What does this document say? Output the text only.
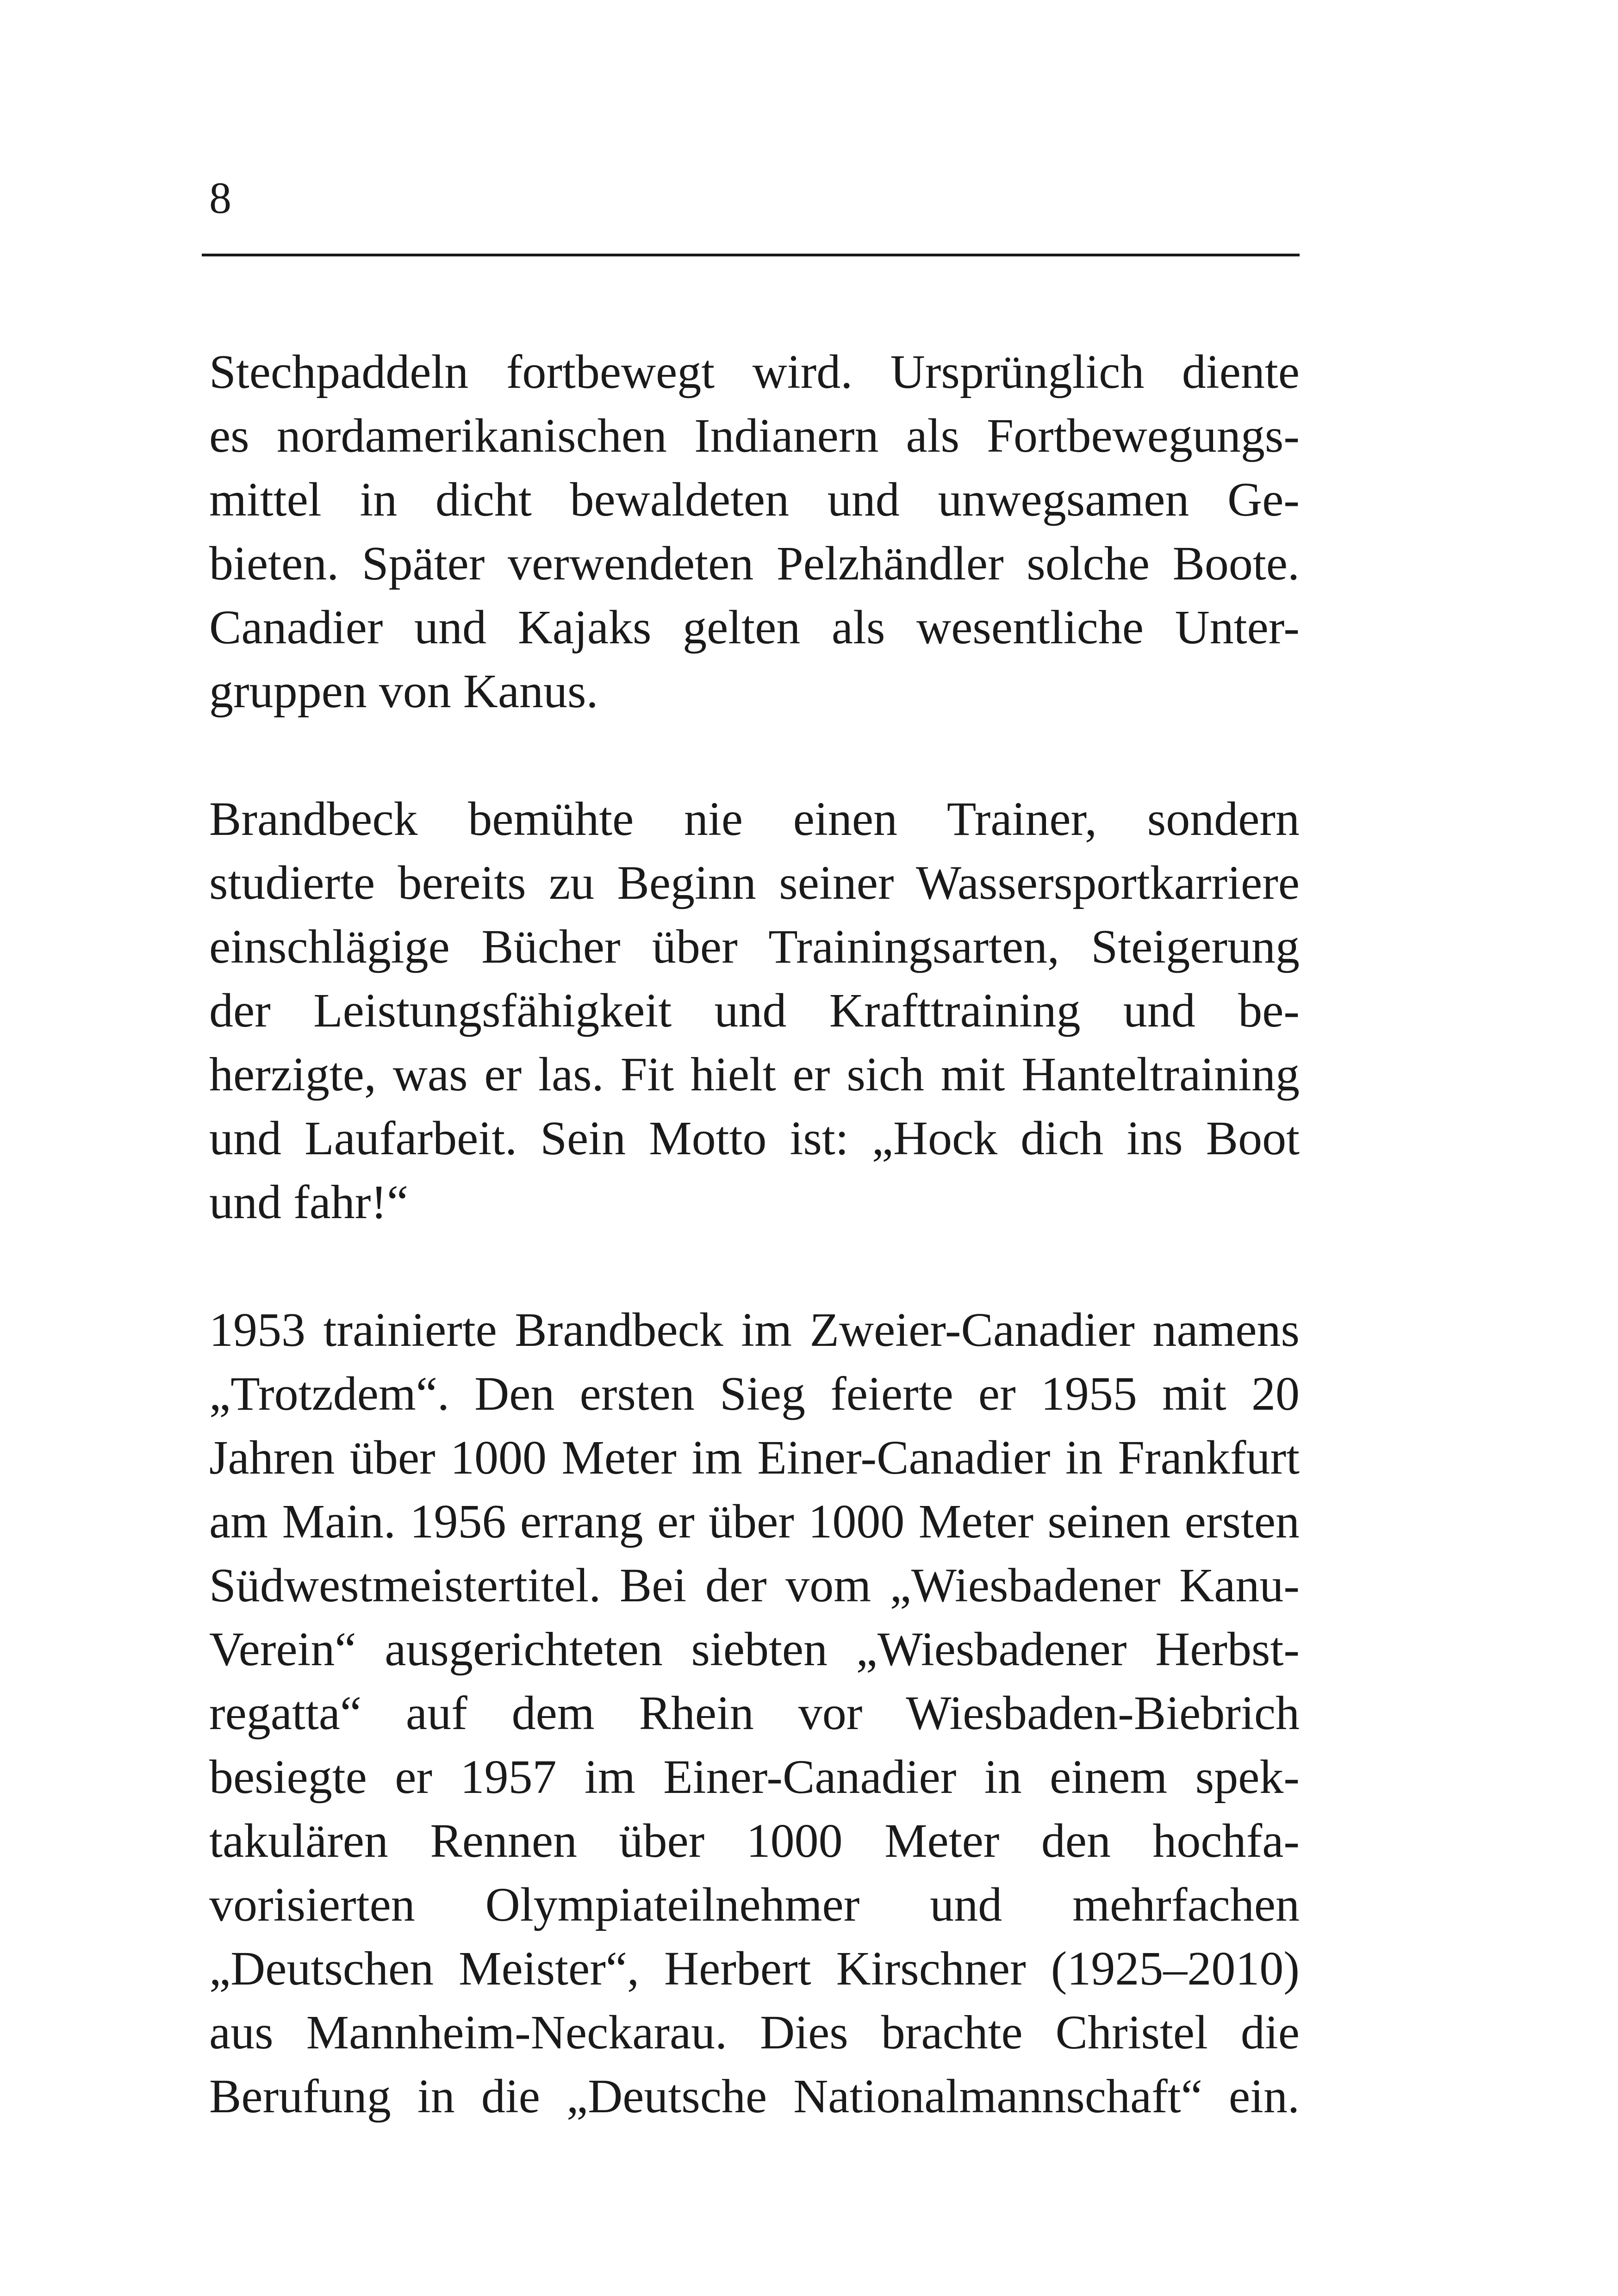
8
Stechpaddeln fortbewegt wird. Ursprünglich diente
es nordamerikanischen Indianern als Fortbewegungs-
mittel in dicht bewaldeten und unwegsamen Ge-
bieten. Später verwendeten Pelzhändler solche Boote.
Canadier und Kajaks gelten als wesentliche Unter-
gruppen von Kanus.
Brandbeck bemühte nie einen Trainer, sondern
studierte bereits zu Beginn seiner Wassersportkarriere
einschlägige Bücher über Trainingsarten, Steigerung
der Leistungsfähigkeit und Krafttraining und be-
herzigte, was er las. Fit hielt er sich mit Hanteltraining
und Laufarbeit. Sein Motto ist: „Hock dich ins Boot
und fahr!“
1953 trainierte Brandbeck im Zweier-Canadier namens
„Trotzdem“. Den ersten Sieg feierte er 1955 mit 20
Jahren über 1000 Meter im Einer-Canadier in Frankfurt
am Main. 1956 errang er über 1000 Meter seinen ersten
Südwestmeistertitel. Bei der vom „Wiesbadener Kanu-
Verein“ ausgerichteten siebten „Wiesbadener Herbst-
regatta“ auf dem Rhein vor Wiesbaden-Biebrich
besiegte er 1957 im Einer-Canadier in einem spek-
takulären Rennen über 1000 Meter den hochfa-
vorisierten Olympiateilnehmer und mehrfachen
„Deutschen Meister“, Herbert Kirschner (1925–2010)
aus Mannheim-Neckarau. Dies brachte Christel die
Berufung in die „Deutsche Nationalmannschaft“ ein.
